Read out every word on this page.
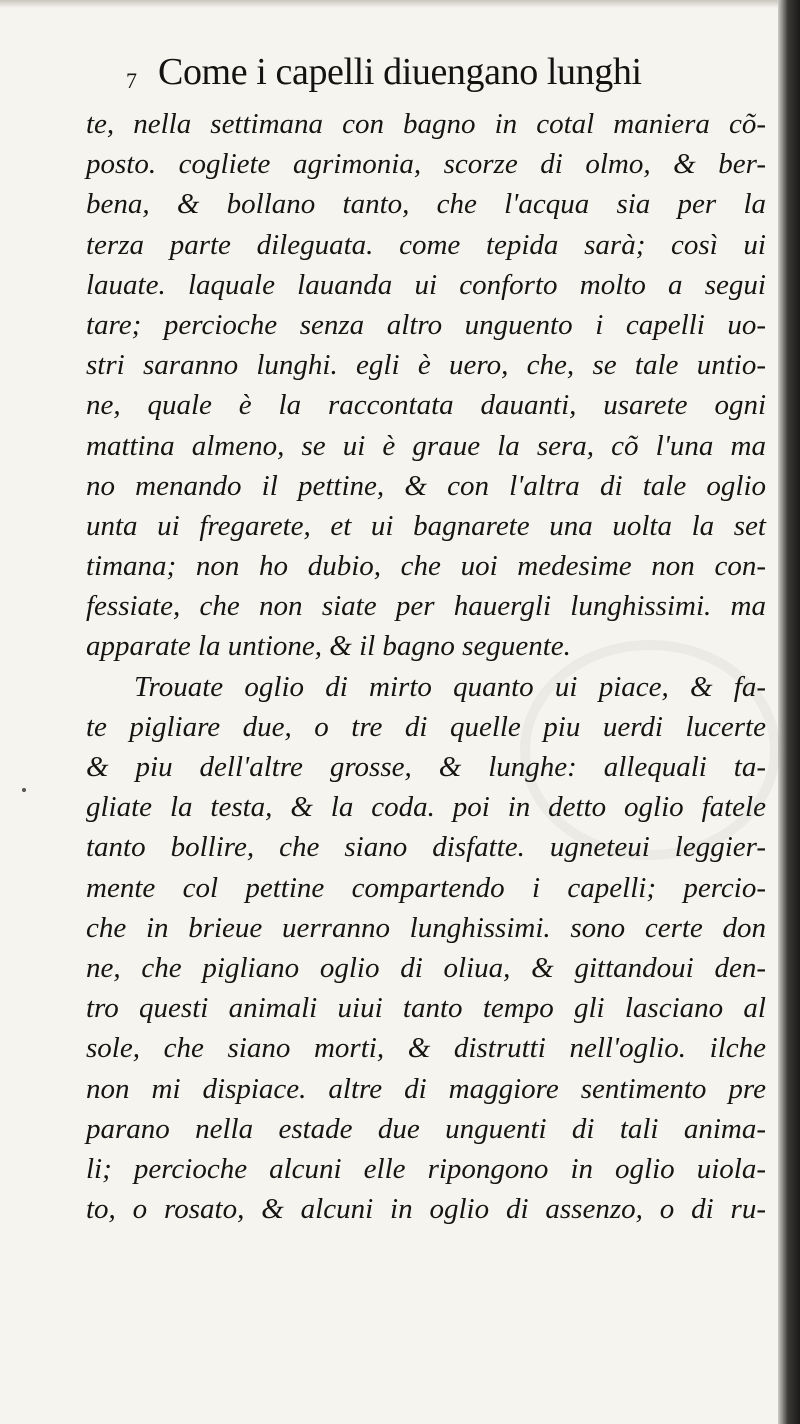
7 Come i capelli diuengano lunghi
te, nella settimana con bagno in cotal maniera cõ-
posto. cogliete agrimonia, scorze di olmo, & ber-
bena, & bollano tanto, che l'acqua sia per la
terza parte dileguata. come tepida sarà; così ui
lauate. laquale lauanda ui conforto molto a segui
tare; percioche senza altro unguento i capelli uo-
stri saranno lunghi. egli è uero, che, se tale untio-
ne, quale è la raccontata dauanti, usarete ogni
mattina almeno, se ui è graue la sera, cõ l'una ma
no menando il pettine, & con l'altra di tale oglio
unta ui fregarete, et ui bagnarete una uolta la set
timana; non ho dubio, che uoi medesime non con-
fessiate, che non siate per hauergli lunghissimi. ma
apparate la untione, & il bagno seguente.
Trouate oglio di mirto quanto ui piace, & fa-
te pigliare due, o tre di quelle piu uerdi lucerte
& piu dell'altre grosse, & lunghe: allequali ta-
gliate la testa, & la coda. poi in detto oglio fatele
tanto bollire, che siano disfatte. ugneteui leggier-
mente col pettine compartendo i capelli; percio-
che in brieue uerranno lunghissimi. sono certe don
ne, che pigliano oglio di oliua, & gittandoui den-
tro questi animali uiui tanto tempo gli lasciano al
sole, che siano morti, & distrutti nell'oglio. ilche
non mi dispiace. altre di maggiore sentimento pre
parano nella estade due unguenti di tali anima-
li; percioche alcuni elle ripongono in oglio uiola-
to, o rosato, & alcuni in oglio di assenzo, o di ru-
